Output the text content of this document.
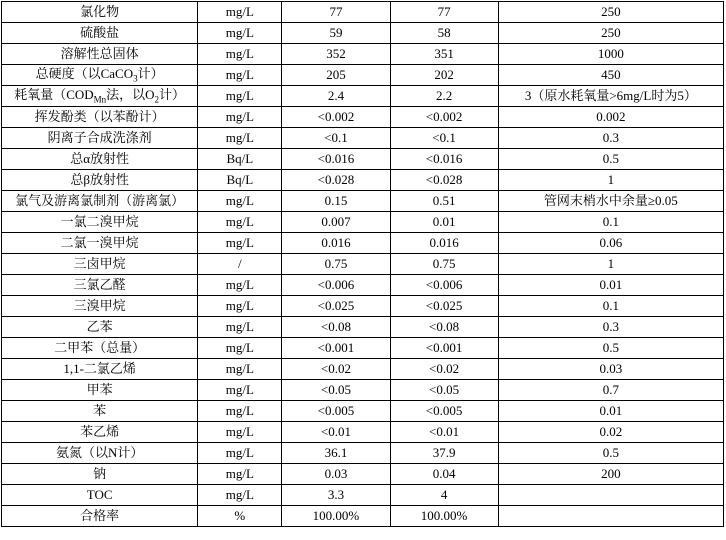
氯化物	mg/L	77	77	250
硫酸盐	mg/L	59	58	250
溶解性总固体	mg/L	352	351	1000
总硬度（以CaCO$_3$计）	mg/L	205	202	450
耗氧量（$COD_{Mn}$法，以$O_2$计）	mg/L	2.4	2.2	3（原水耗氧量>6mg/L时为5）
挥发酚类（以苯酚计）	mg/L	<0.002	<0.002	0.002
阴离子合成洗涤剂	mg/L	<0.1	<0.1	0.3
总α放射性	Bq/L	<0.016	<0.016	0.5
总β放射性	Bq/L	<0.028	<0.028	1
氯气及游离氯制剂（游离氯）	mg/L	0.15	0.51	管网末梢水中余量≥0.05
一氯二溴甲烷	mg/L	0.007	0.01	0.1
二氯一溴甲烷	mg/L	0.016	0.016	0.06
三卤甲烷	/	0.75	0.75	1
三氯乙醛	mg/L	<0.006	<0.006	0.01
三溴甲烷	mg/L	<0.025	<0.025	0.1
乙苯	mg/L	<0.08	<0.08	0.3
二甲苯（总量）	mg/L	<0.001	<0.001	0.5
1,1-二氯乙烯	mg/L	<0.02	<0.02	0.03
甲苯	mg/L	<0.05	<0.05	0.7
苯	mg/L	<0.005	<0.005	0.01
苯乙烯	mg/L	<0.01	<0.01	0.02
氨氮（以N计）	mg/L	36.1	37.9	0.5
钠	mg/L	0.03	0.04	200
TOC	mg/L	3.3	4	
合格率	%	100.00%	100.00%	
